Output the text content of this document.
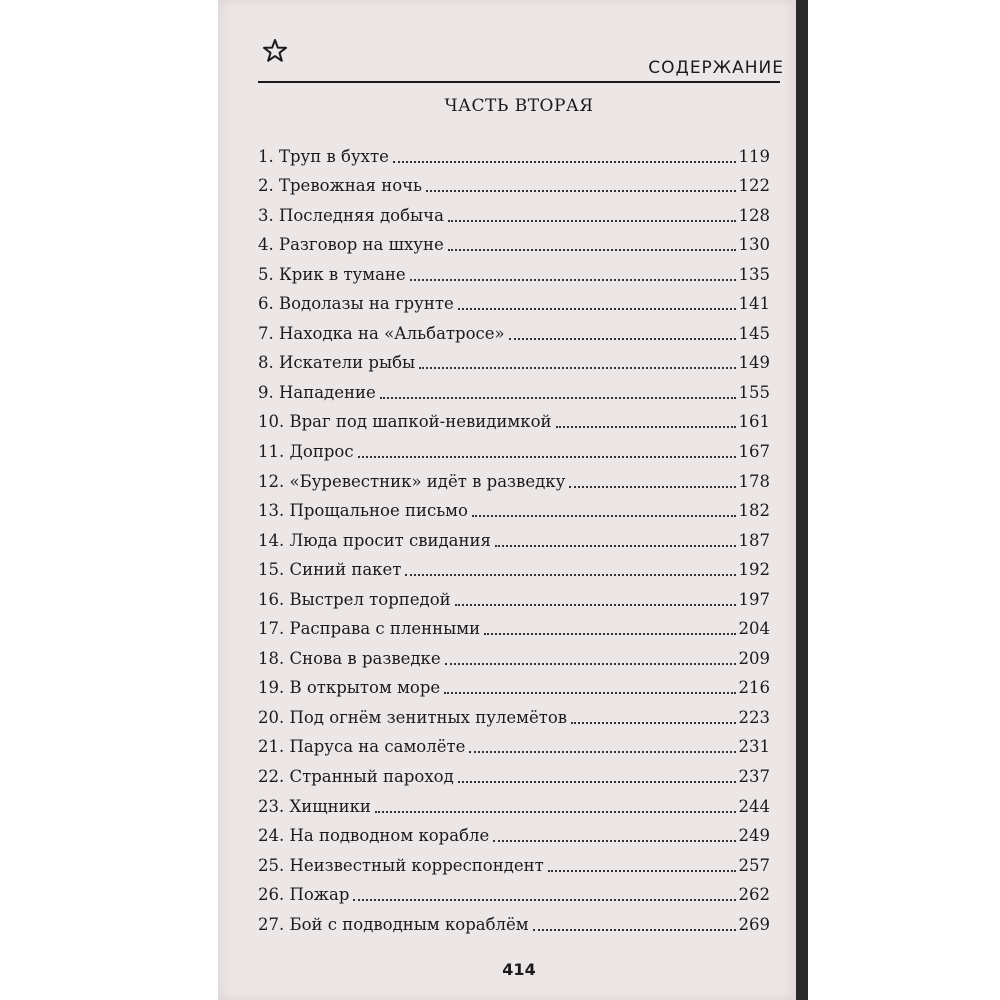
СОДЕРЖАНИЕ
ЧАСТЬ ВТОРАЯ
1. Труп в бухте	119
2. Тревожная ночь	122
3. Последняя добыча	128
4. Разговор на шхуне	130
5. Крик в тумане	135
6. Водолазы на грунте	141
7. Находка на «Альбатросе»	145
8. Искатели рыбы	149
9. Нападение	155
10. Враг под шапкой-невидимкой	161
11. Допрос	167
12. «Буревестник» идёт в разведку	178
13. Прощальное письмо	182
14. Люда просит свидания	187
15. Синий пакет	192
16. Выстрел торпедой	197
17. Расправа с пленными	204
18. Снова в разведке	209
19. В открытом море	216
20. Под огнём зенитных пулемётов	223
21. Паруса на самолёте	231
22. Странный пароход	237
23. Хищники	244
24. На подводном корабле	249
25. Неизвестный корреспондент	257
26. Пожар	262
27. Бой с подводным кораблём	269
414
